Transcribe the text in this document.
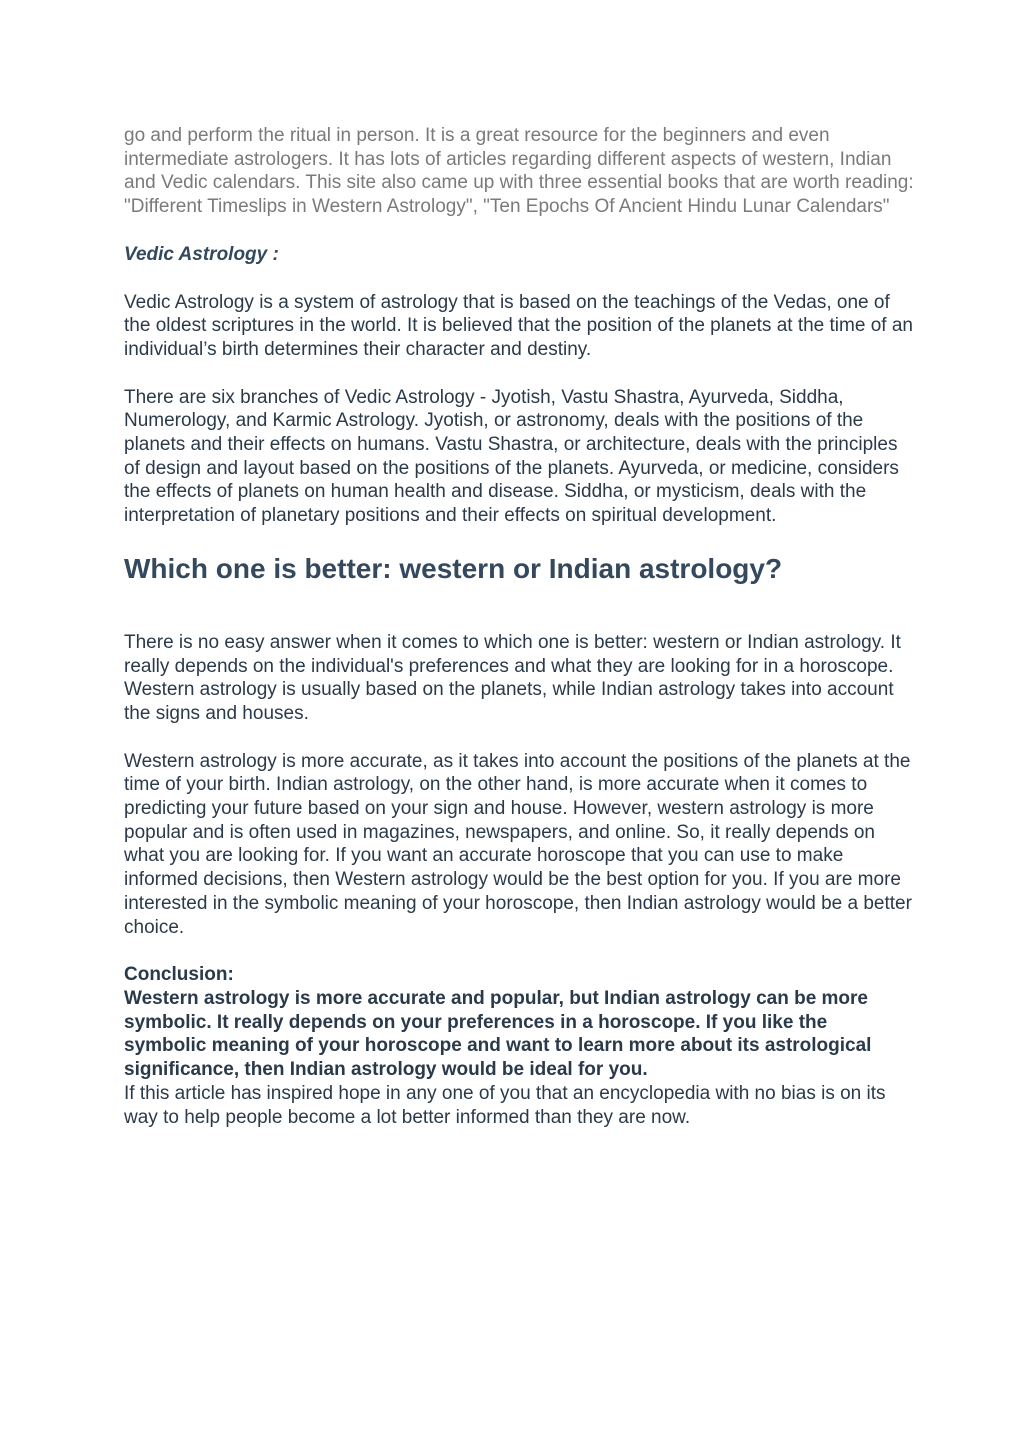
go and perform the ritual in person. It is a great resource for the beginners and even intermediate astrologers. It has lots of articles regarding different aspects of western, Indian and Vedic calendars. This site also came up with three essential books that are worth reading: "Different Timeslips in Western Astrology", "Ten Epochs Of Ancient Hindu Lunar Calendars"

Vedic Astrology :

Vedic Astrology is a system of astrology that is based on the teachings of the Vedas, one of the oldest scriptures in the world. It is believed that the position of the planets at the time of an individual’s birth determines their character and destiny.

There are six branches of Vedic Astrology - Jyotish, Vastu Shastra, Ayurveda, Siddha, Numerology, and Karmic Astrology. Jyotish, or astronomy, deals with the positions of the planets and their effects on humans. Vastu Shastra, or architecture, deals with the principles of design and layout based on the positions of the planets. Ayurveda, or medicine, considers the effects of planets on human health and disease. Siddha, or mysticism, deals with the interpretation of planetary positions and their effects on spiritual development.

Which one is better: western or Indian astrology?

There is no easy answer when it comes to which one is better: western or Indian astrology. It really depends on the individual's preferences and what they are looking for in a horoscope. Western astrology is usually based on the planets, while Indian astrology takes into account the signs and houses.

Western astrology is more accurate, as it takes into account the positions of the planets at the time of your birth. Indian astrology, on the other hand, is more accurate when it comes to predicting your future based on your sign and house. However, western astrology is more popular and is often used in magazines, newspapers, and online. So, it really depends on what you are looking for. If you want an accurate horoscope that you can use to make informed decisions, then Western astrology would be the best option for you. If you are more interested in the symbolic meaning of your horoscope, then Indian astrology would be a better choice.

Conclusion:

Western astrology is more accurate and popular, but Indian astrology can be more symbolic. It really depends on your preferences in a horoscope. If you like the symbolic meaning of your horoscope and want to learn more about its astrological significance, then Indian astrology would be ideal for you.

If this article has inspired hope in any one of you that an encyclopedia with no bias is on its way to help people become a lot better informed than they are now.
